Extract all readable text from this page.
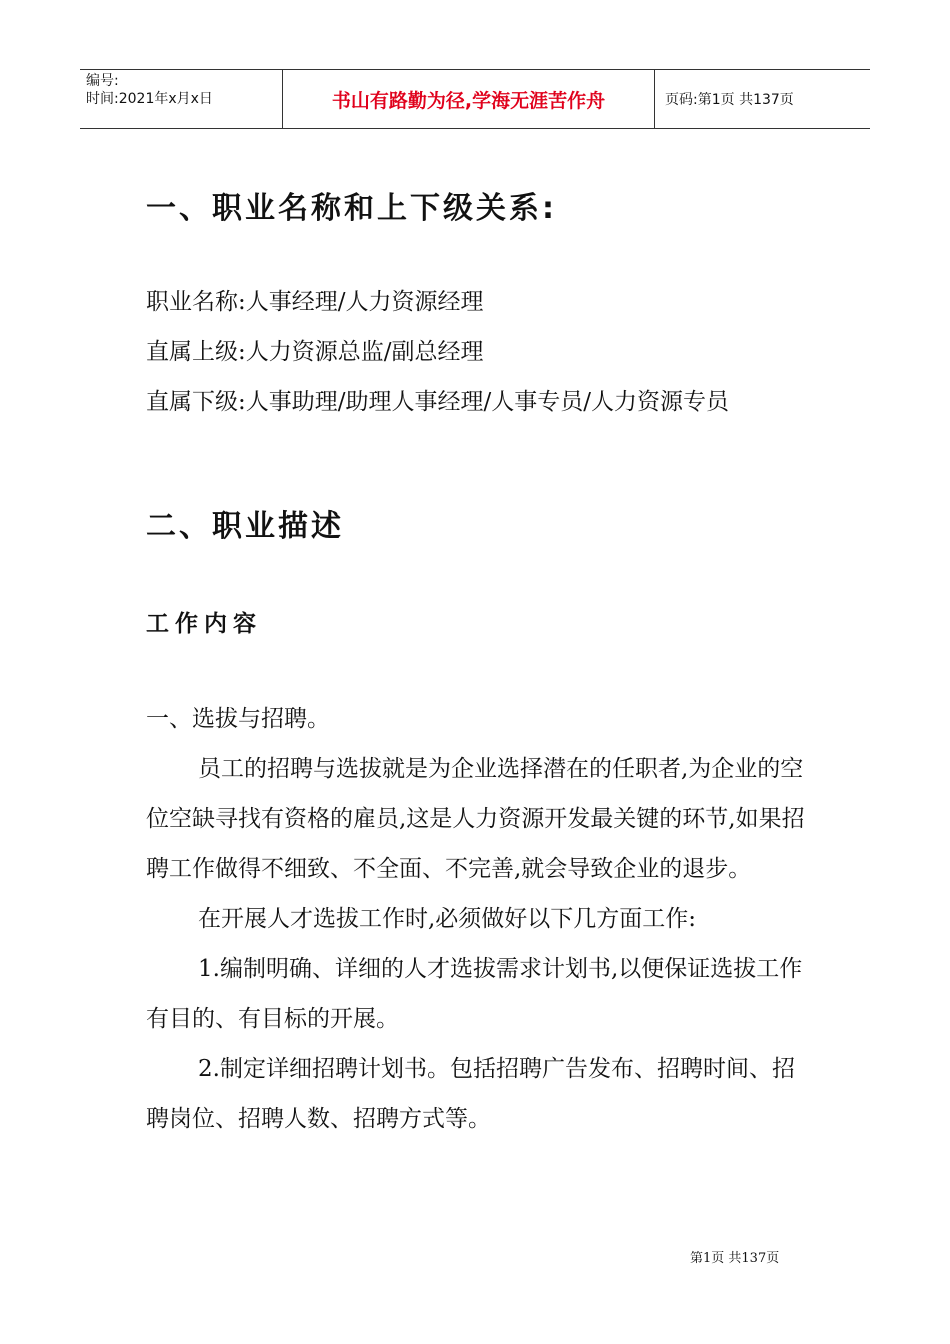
编号:
时间:2021年x月x日	书山有路勤为径,学海无涯苦作舟	页码:第1页 共137页
一、职业名称和上下级关系:
职业名称:人事经理/人力资源经理
直属上级:人力资源总监/副总经理
直属下级:人事助理/助理人事经理/人事专员/人力资源专员
二、职业描述
工作内容
一、选拔与招聘。
员工的招聘与选拔就是为企业选择潜在的任职者,为企业的空位空缺寻找有资格的雇员,这是人力资源开发最关键的环节,如果招聘工作做得不细致、不全面、不完善,就会导致企业的退步。
在开展人才选拔工作时,必须做好以下几方面工作:
1.编制明确、详细的人才选拔需求计划书,以便保证选拔工作有目的、有目标的开展。
2.制定详细招聘计划书。包括招聘广告发布、招聘时间、招聘岗位、招聘人数、招聘方式等。
第1页 共137页
